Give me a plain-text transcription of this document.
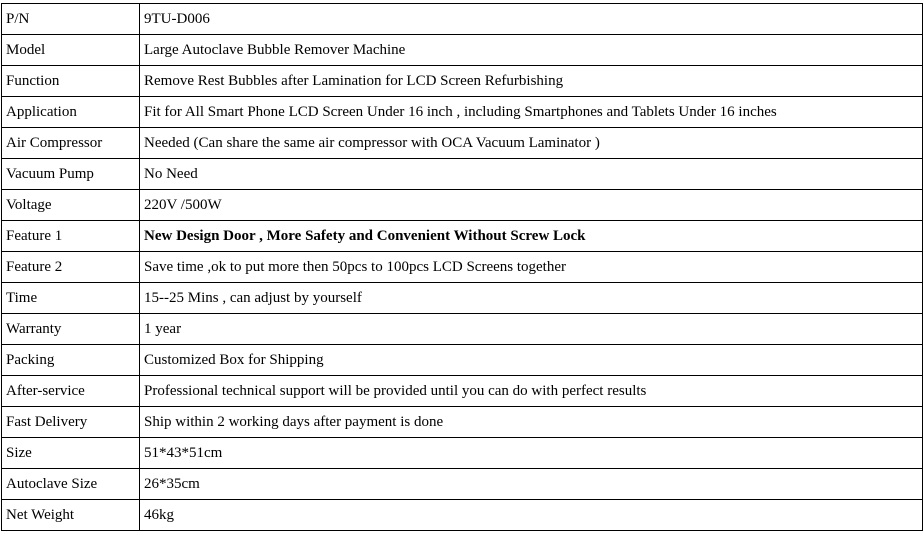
P/N	9TU-D006
Model	Large Autoclave Bubble Remover Machine
Function	Remove Rest Bubbles after Lamination for LCD Screen Refurbishing
Application	Fit for All Smart Phone LCD Screen Under 16 inch , including Smartphones and Tablets Under 16 inches
Air Compressor	Needed (Can share the same air compressor with OCA Vacuum Laminator )
Vacuum Pump	No Need
Voltage	220V /500W
Feature 1	New Design Door , More Safety and Convenient Without Screw Lock
Feature 2	Save time ,ok to put more then 50pcs to 100pcs LCD Screens together
Time	15--25 Mins , can adjust by yourself
Warranty	1 year
Packing	Customized Box for Shipping
After-service	Professional technical support will be provided until you can do with perfect results
Fast Delivery	Ship within 2 working days after payment is done
Size	51*43*51cm
Autoclave Size	26*35cm
Net Weight	46kg
